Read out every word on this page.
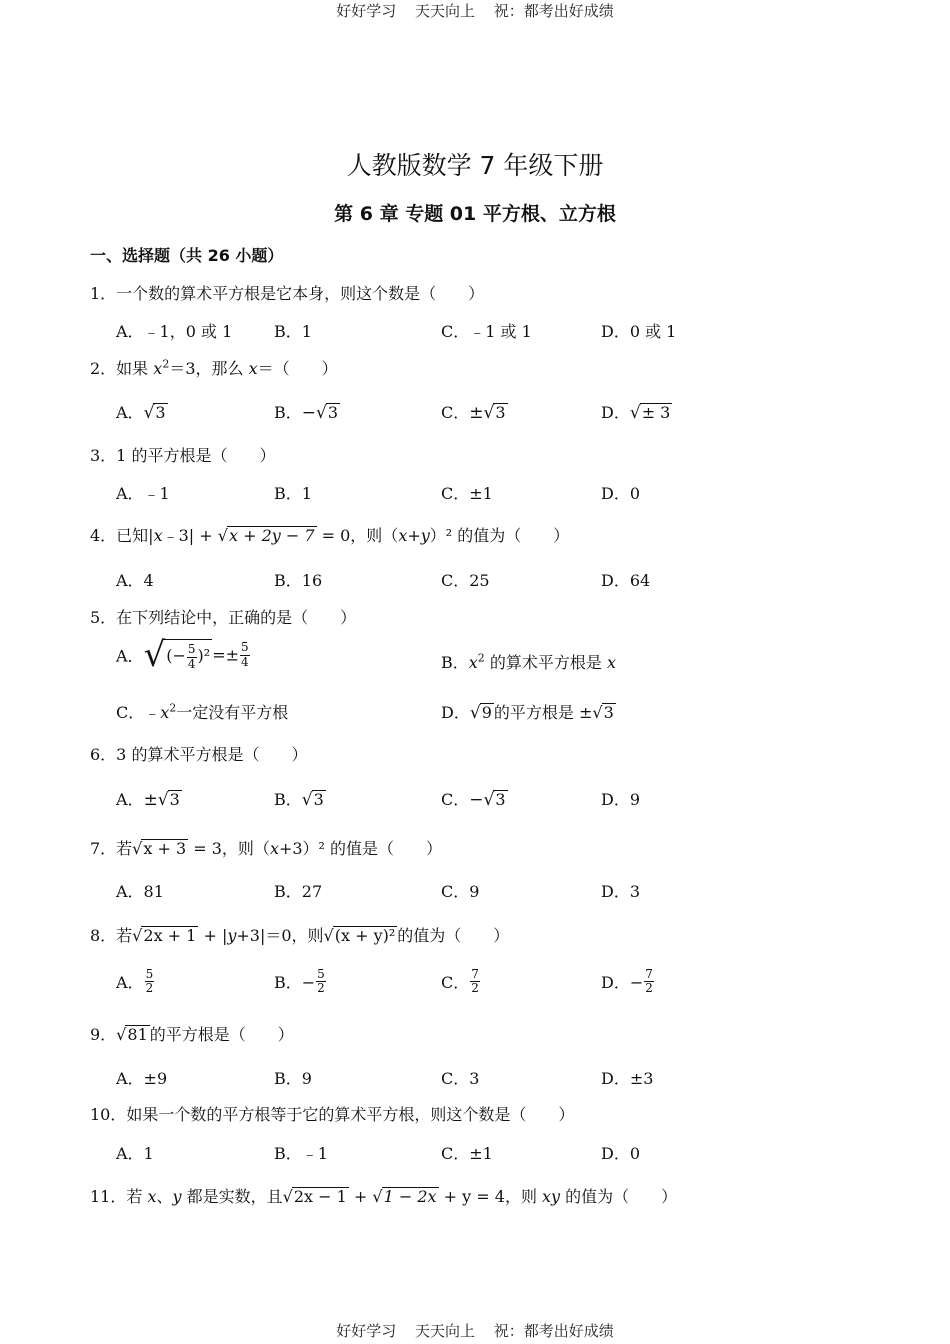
好好学习 天天向上 祝：都考出好成绩
人教版数学 7 年级下册
第 6 章 专题 01 平方根、立方根
一、选择题（共 26 小题）
1．一个数的算术平方根是它本身，则这个数是（　　）
A．﹣1，0 或 1	B．1	C．﹣1 或 1	D．0 或 1
2．如果 $x^2=3$，那么 x＝（　　）
A．√3	B．−√3	C．±√3	D．√± 3
3．1 的平方根是（　　）
A．﹣1	B．1	C．±1	D．0
4．已知|x﹣3| + √x + 2y − 7 = 0，则（x+y）² 的值为（　　）
A．4	B．16	C．25	D．64
5．在下列结论中，正确的是（　　）
A．√(− $\frac{5}{4} )^2 =\pm \frac{5}{4}$	B．$x^2$ 的算术平方根是 x
C．$﹣x^2$一定没有平方根	D．√9 的平方根是 ±√3
6．3 的算术平方根是（　　）
A．±√3	B．√3	C．−√3	D．9
7．若√x + 3 = 3，则（x+3）² 的值是（　　）
A．81	B．27	C．9	D．3
8．若√2x + 1 + |y+3|＝0，则√(x + y)² 的值为（　　）
A． $\frac{5}{2}$	B．− $\frac{5}{2}$	C． $\frac{7}{2}$	D．− $\frac{7}{2}$
9．√81 的平方根是（　　）
A．±9	B．9	C．3	D．±3
10．如果一个数的平方根等于它的算术平方根，则这个数是（　　）
A．1	B．﹣1	C．±1	D．0
11．若 x、y 都是实数，且√2x − 1 + √1 − 2x + y = 4，则 xy 的值为（　　）
好好学习 天天向上 祝：都考出好成绩
